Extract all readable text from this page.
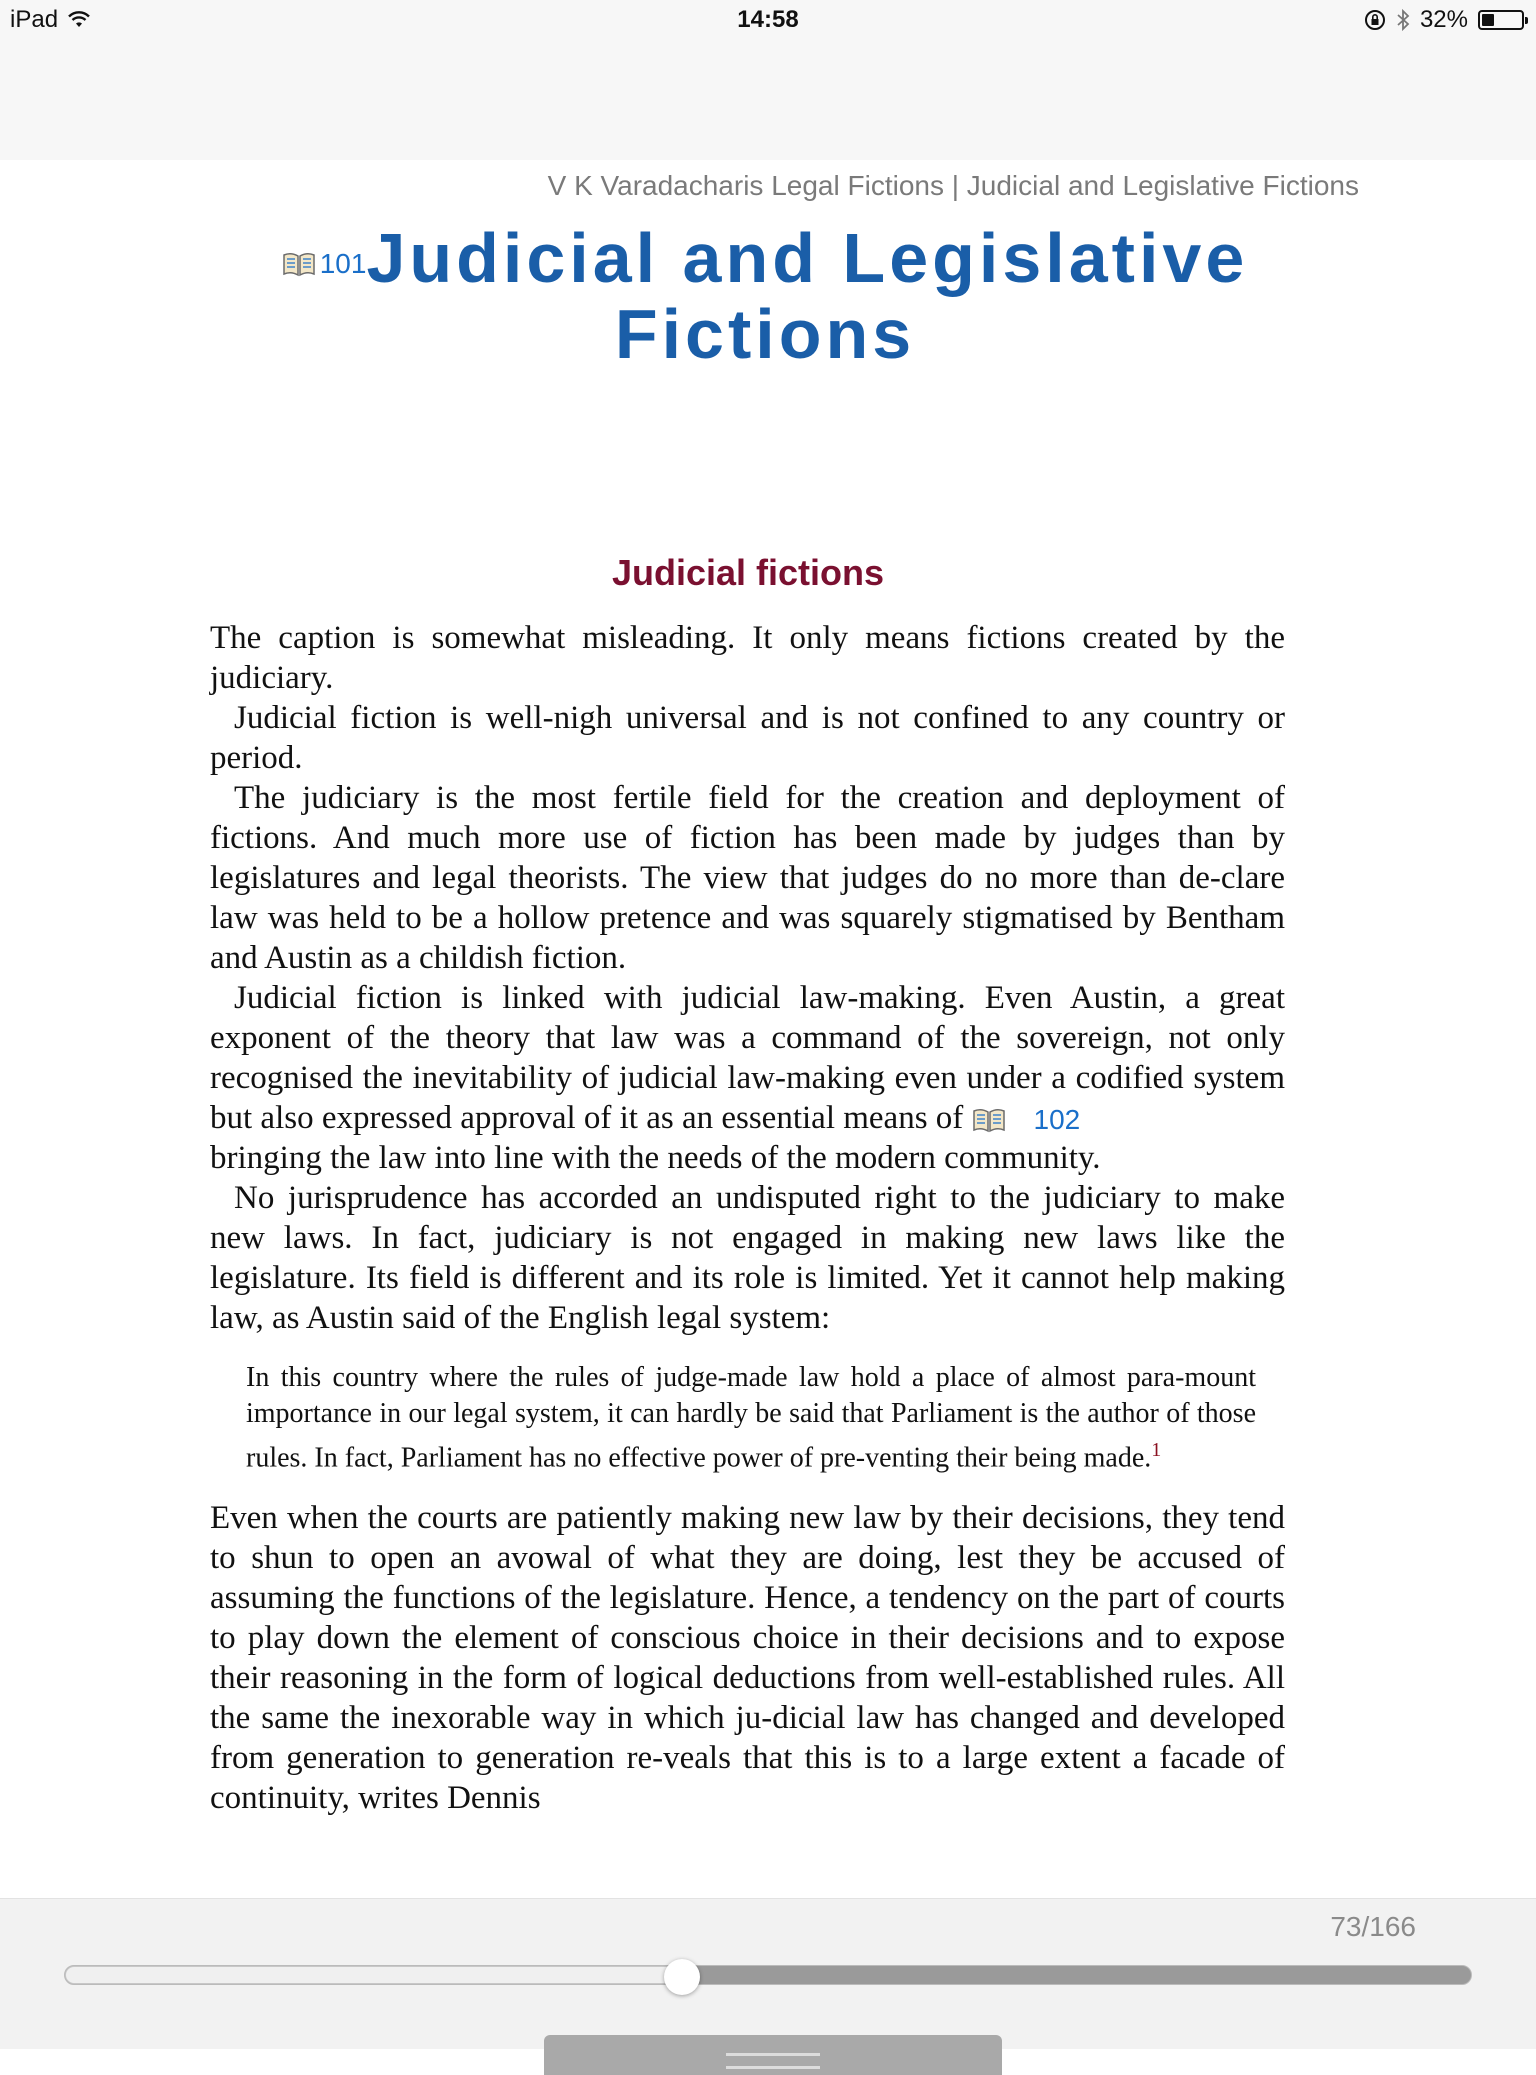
iPad	14:58	32%
V K Varadacharis Legal Fictions | Judicial and Legislative Fictions
101 Judicial and Legislative
Fictions
Judicial fictions

The caption is somewhat misleading. It only means fictions created by the judiciary.

Judicial fiction is well-nigh universal and is not confined to any country or period.

The judiciary is the most fertile field for the creation and deployment of fictions. And much more use of fiction has been made by judges than by legislatures and legal theorists. The view that judges do no more than de-clare law was held to be a hollow pretence and was squarely stigmatised by Bentham and Austin as a childish fiction.

Judicial fiction is linked with judicial law-making. Even Austin, a great exponent of the theory that law was a command of the sovereign, not only recognised the inevitability of judicial law-making even under a codified system but also expressed approval of it as an essential means of	102

bringing the law into line with the needs of the modern community.

No jurisprudence has accorded an undisputed right to the judiciary to make new laws. In fact, judiciary is not engaged in making new laws like the legislature. Its field is different and its role is limited. Yet it cannot help making law, as Austin said of the English legal system:

In this country where the rules of judge-made law hold a place of almost para-mount importance in our legal system, it can hardly be said that Parliament is the author of those rules. In fact, Parliament has no effective power of pre-venting their being made.$^1$

Even when the courts are patiently making new law by their decisions, they tend to shun to open an avowal of what they are doing, lest they be accused of assuming the functions of the legislature. Hence, a tendency on the part of courts to play down the element of conscious choice in their decisions and to expose their reasoning in the form of logical deductions from well-established rules. All the same the inexorable way in which ju-dicial law has changed and developed from generation to generation re-veals that this is to a large extent a facade of continuity, writes Dennis

73/166
